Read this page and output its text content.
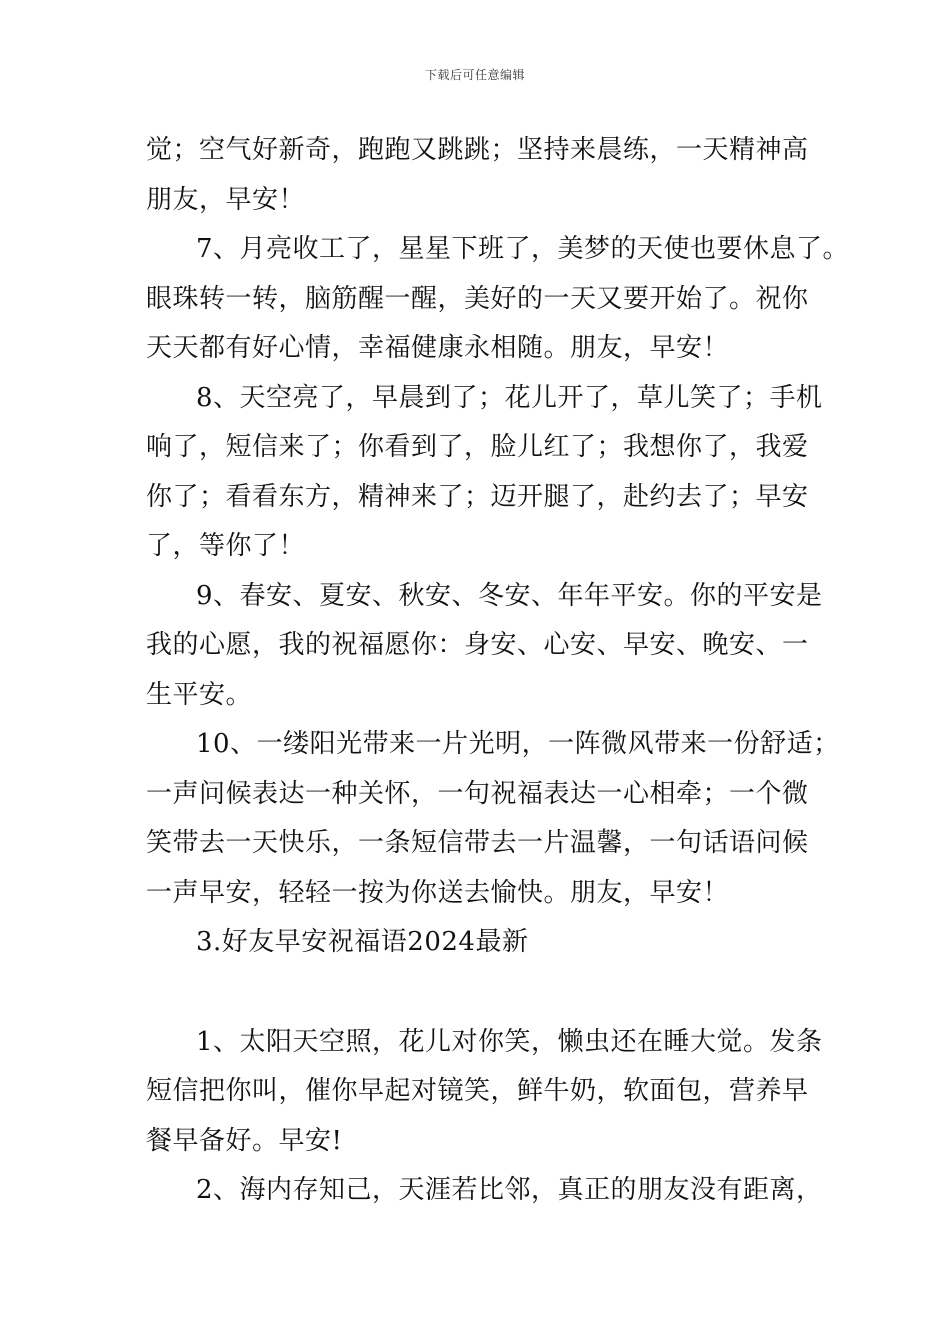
下载后可任意编辑
觉；空气好新奇，跑跑又跳跳；坚持来晨练，一天精神高
朋友，早安！
7、月亮收工了，星星下班了，美梦的天使也要休息了。
眼珠转一转，脑筋醒一醒，美好的一天又要开始了。祝你
天天都有好心情，幸福健康永相随。朋友，早安！
8、天空亮了，早晨到了；花儿开了，草儿笑了；手机
响了，短信来了；你看到了，脸儿红了；我想你了，我爱
你了；看看东方，精神来了；迈开腿了，赴约去了；早安
了，等你了！
9、春安、夏安、秋安、冬安、年年平安。你的平安是
我的心愿，我的祝福愿你：身安、心安、早安、晚安、一
生平安。
10、一缕阳光带来一片光明，一阵微风带来一份舒适；
一声问候表达一种关怀，一句祝福表达一心相牵；一个微
笑带去一天快乐，一条短信带去一片温馨，一句话语问候
一声早安，轻轻一按为你送去愉快。朋友，早安！
3.好友早安祝福语2024最新
1、太阳天空照，花儿对你笑，懒虫还在睡大觉。发条
短信把你叫，催你早起对镜笑，鲜牛奶，软面包，营养早
餐早备好。早安!
2、海内存知己，天涯若比邻，真正的朋友没有距离，
